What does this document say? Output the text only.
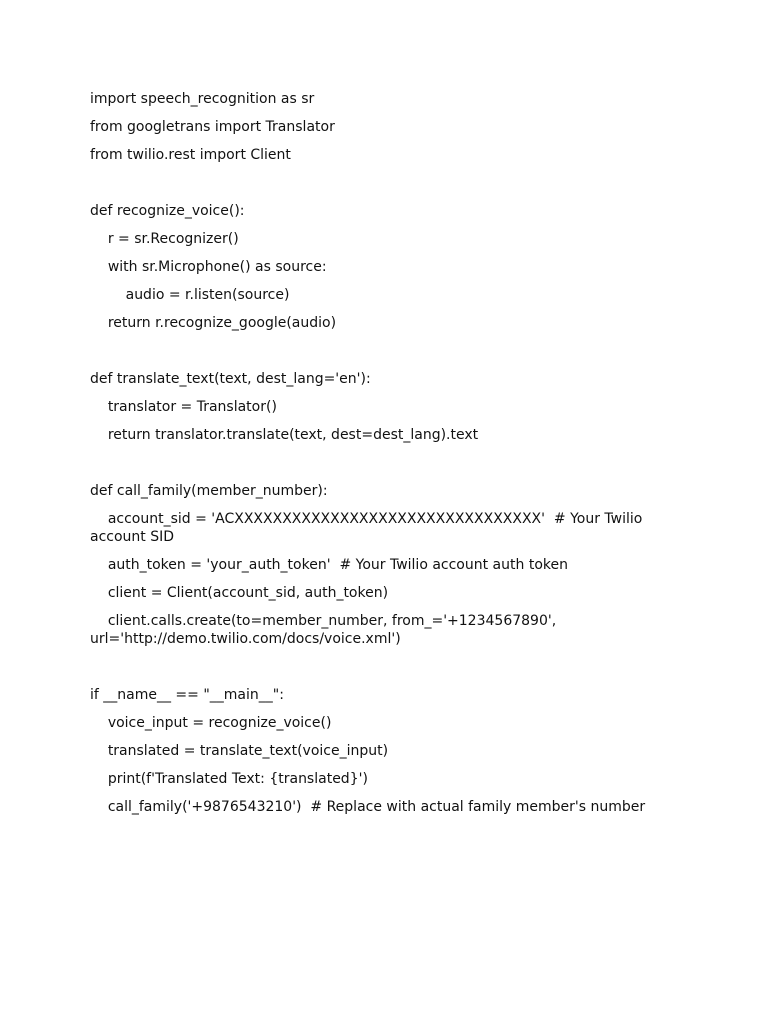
import speech_recognition as sr
from googletrans import Translator
from twilio.rest import Client
def recognize_voice():
r = sr.Recognizer()
with sr.Microphone() as source:
audio = r.listen(source)
return r.recognize_google(audio)
def translate_text(text, dest_lang='en'):
translator = Translator()
return translator.translate(text, dest=dest_lang).text
def call_family(member_number):
account_sid = 'ACXXXXXXXXXXXXXXXXXXXXXXXXXXXXXXXX'  # Your Twilio account SID
auth_token = 'your_auth_token'  # Your Twilio account auth token
client = Client(account_sid, auth_token)
client.calls.create(to=member_number, from_='+1234567890', url='http://demo.twilio.com/docs/voice.xml')
if __name__ == "__main__":
voice_input = recognize_voice()
translated = translate_text(voice_input)
print(f'Translated Text: {translated}')
call_family('+9876543210')  # Replace with actual family member's number
